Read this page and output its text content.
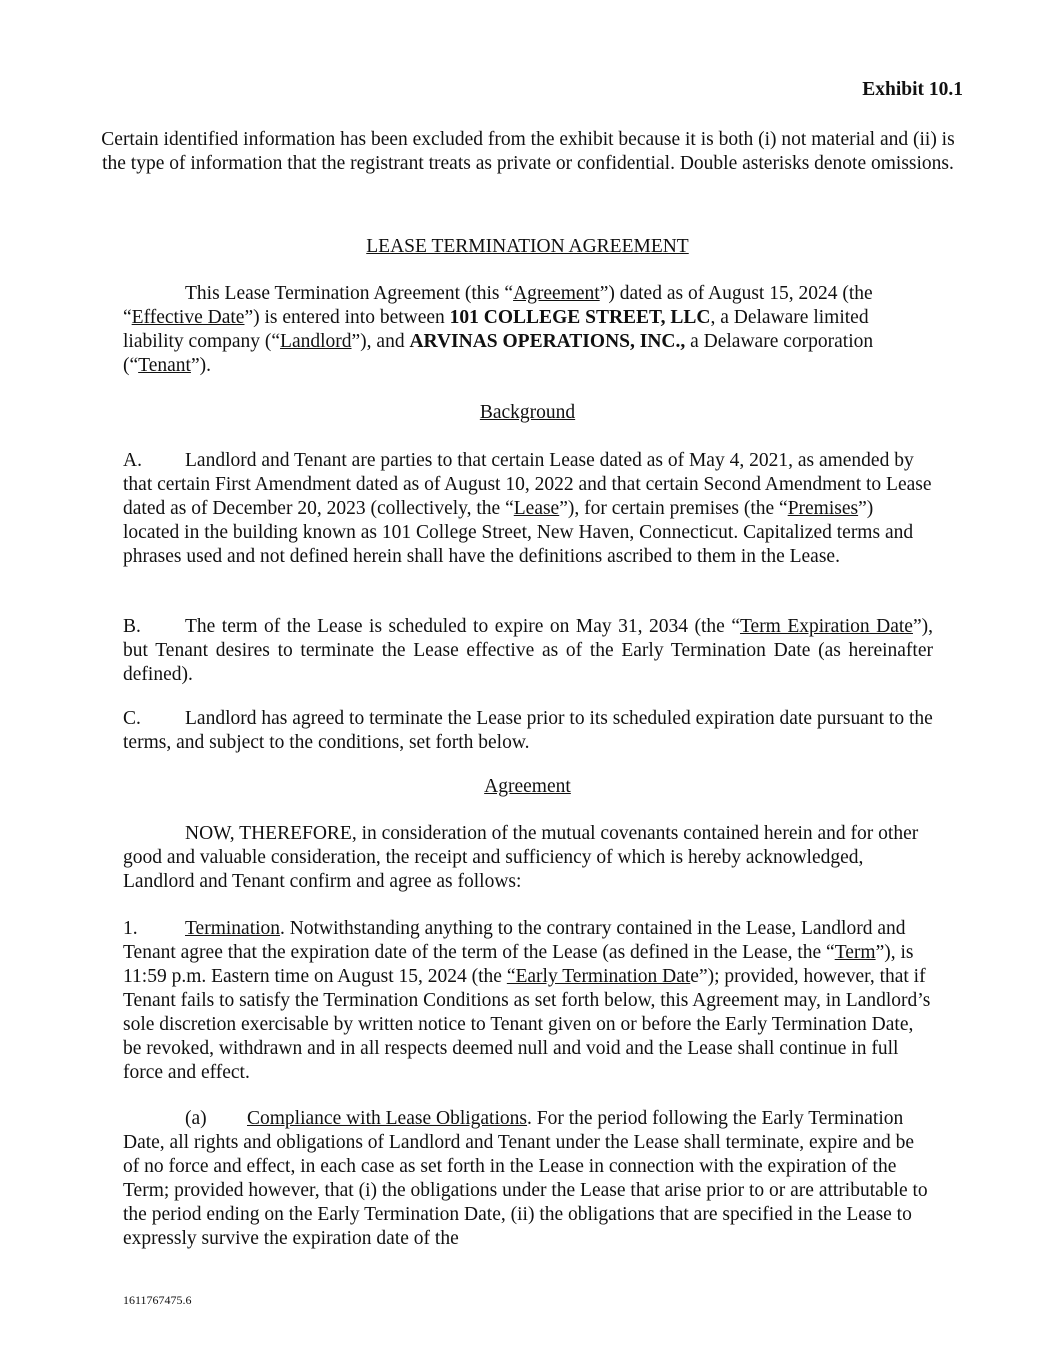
Exhibit 10.1
Certain identified information has been excluded from the exhibit because it is both (i) not material and (ii) is the type of information that the registrant treats as private or confidential. Double asterisks denote omissions.
LEASE TERMINATION AGREEMENT
This Lease Termination Agreement (this “Agreement”) dated as of August 15, 2024 (the “Effective Date”) is entered into between 101 COLLEGE STREET, LLC, a Delaware limited liability company (“Landlord”), and ARVINAS OPERATIONS, INC., a Delaware corporation (“Tenant”).
Background
A. Landlord and Tenant are parties to that certain Lease dated as of May 4, 2021, as amended by that certain First Amendment dated as of August 10, 2022 and that certain Second Amendment to Lease dated as of December 20, 2023 (collectively, the “Lease”), for certain premises (the “Premises”) located in the building known as 101 College Street, New Haven, Connecticut. Capitalized terms and phrases used and not defined herein shall have the definitions ascribed to them in the Lease.
B. The term of the Lease is scheduled to expire on May 31, 2034 (the “Term Expiration Date”), but Tenant desires to terminate the Lease effective as of the Early Termination Date (as hereinafter defined).
C. Landlord has agreed to terminate the Lease prior to its scheduled expiration date pursuant to the terms, and subject to the conditions, set forth below.
Agreement
NOW, THEREFORE, in consideration of the mutual covenants contained herein and for other good and valuable consideration, the receipt and sufficiency of which is hereby acknowledged, Landlord and Tenant confirm and agree as follows:
1. Termination. Notwithstanding anything to the contrary contained in the Lease, Landlord and Tenant agree that the expiration date of the term of the Lease (as defined in the Lease, the “Term”), is 11:59 p.m. Eastern time on August 15, 2024 (the “Early Termination Date”); provided, however, that if Tenant fails to satisfy the Termination Conditions as set forth below, this Agreement may, in Landlord’s sole discretion exercisable by written notice to Tenant given on or before the Early Termination Date, be revoked, withdrawn and in all respects deemed null and void and the Lease shall continue in full force and effect.
(a) Compliance with Lease Obligations. For the period following the Early Termination Date, all rights and obligations of Landlord and Tenant under the Lease shall terminate, expire and be of no force and effect, in each case as set forth in the Lease in connection with the expiration of the Term; provided however, that (i) the obligations under the Lease that arise prior to or are attributable to the period ending on the Early Termination Date, (ii) the obligations that are specified in the Lease to expressly survive the expiration date of the
1611767475.6
